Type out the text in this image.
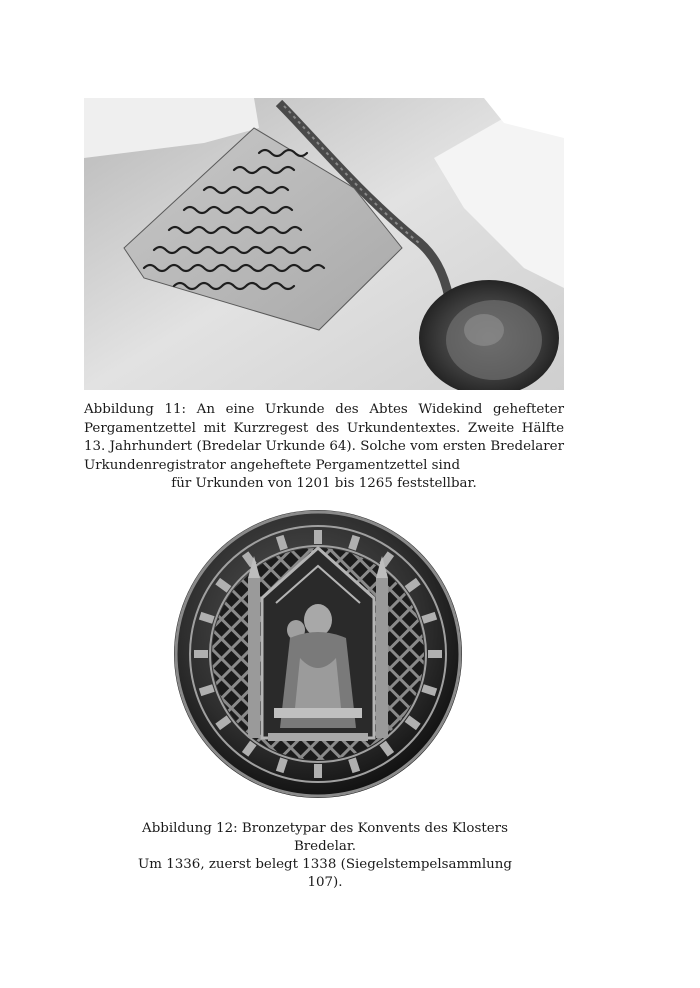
Abbildung 11: An eine Urkunde des Abtes Widekind gehefteter Pergamentzettel mit Kurzregest des Urkundentextes. Zweite Hälfte 13. Jahrhundert (Bredelar Urkunde 64). Solche vom ersten Bredelarer Urkundenregistrator angeheftete Pergamentzettel sind
für Urkunden von 1201 bis 1265 feststellbar.
Abbildung 12: Bronzetypar des Konvents des Klosters Bredelar.
Um 1336, zuerst belegt 1338 (Siegelstempelsammlung 107).
